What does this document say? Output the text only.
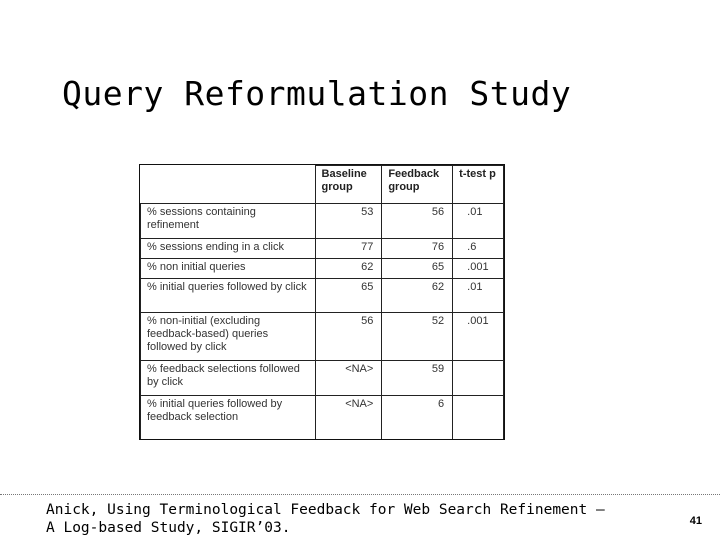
Query Reformulation Study
	Baseline group	Feedback group	t-test p
% sessions containing refinement	53	56	.01
% sessions ending in a click	77	76	.6
% non initial queries	62	65	.001
% initial queries followed by click	65	62	.01
% non-initial (excluding feedback-based) queries followed by click	56	52	.001
% feedback selections followed by click	<NA>	59	
% initial queries followed by feedback selection	<NA>	6	
Anick, Using Terminological Feedback for Web Search Refinement –
A Log-based Study, SIGIR’03.	41
